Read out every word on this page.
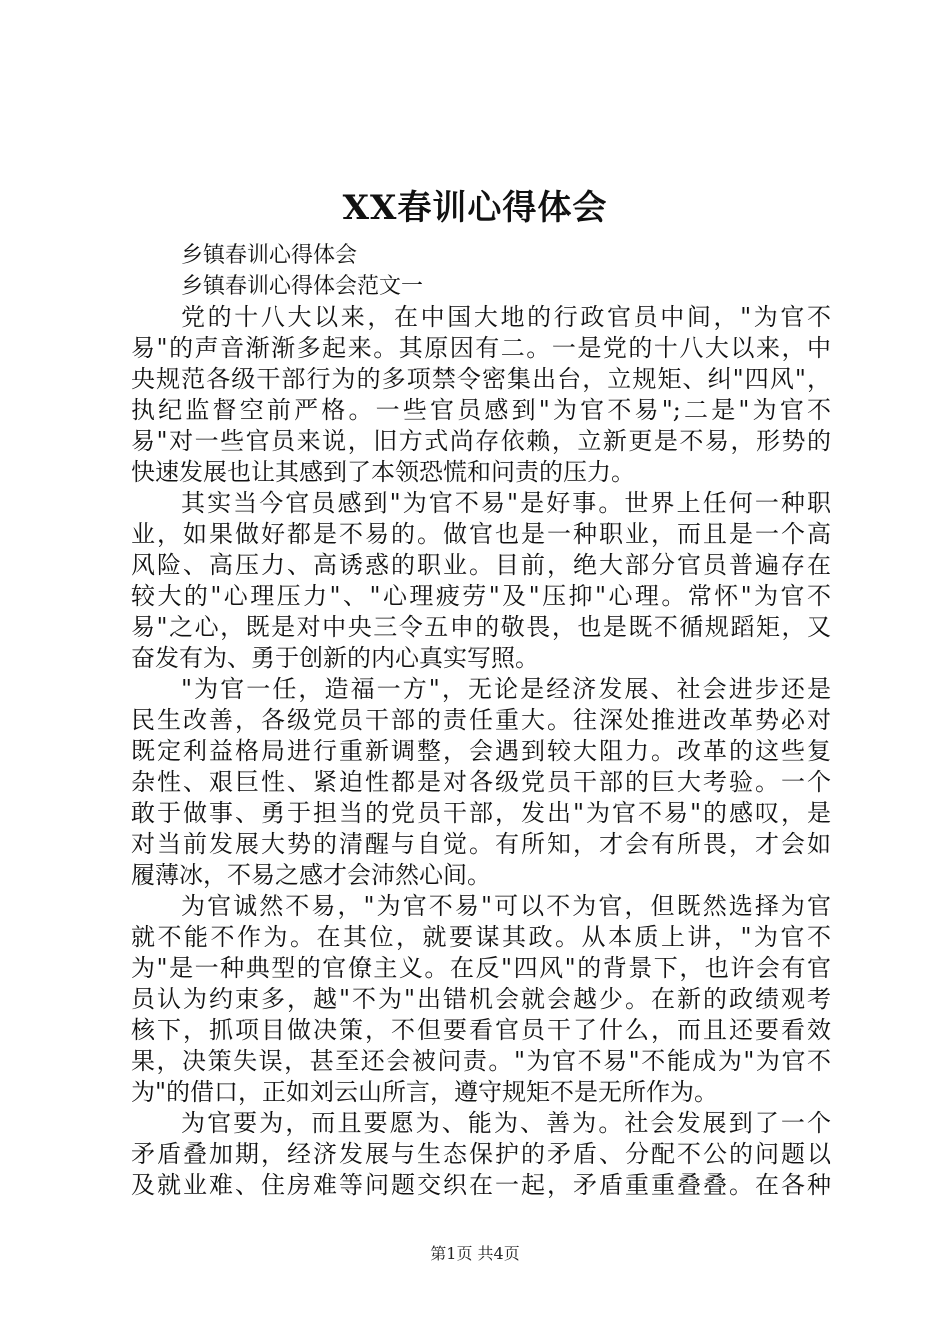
XX春训心得体会
乡镇春训心得体会
乡镇春训心得体会范文一
党的十八大以来，在中国大地的行政官员中间，"为官不
易"的声音渐渐多起来。其原因有二。一是党的十八大以来，中
央规范各级干部行为的多项禁令密集出台，立规矩、纠"四风"，
执纪监督空前严格。一些官员感到"为官不易";二是"为官不
易"对一些官员来说，旧方式尚存依赖，立新更是不易，形势的
快速发展也让其感到了本领恐慌和问责的压力。
其实当今官员感到"为官不易"是好事。世界上任何一种职
业，如果做好都是不易的。做官也是一种职业，而且是一个高
风险、高压力、高诱惑的职业。目前，绝大部分官员普遍存在
较大的"心理压力"、"心理疲劳"及"压抑"心理。常怀"为官不
易"之心，既是对中央三令五申的敬畏，也是既不循规蹈矩，又
奋发有为、勇于创新的内心真实写照。
"为官一任，造福一方"，无论是经济发展、社会进步还是
民生改善，各级党员干部的责任重大。往深处推进改革势必对
既定利益格局进行重新调整，会遇到较大阻力。改革的这些复
杂性、艰巨性、紧迫性都是对各级党员干部的巨大考验。一个
敢于做事、勇于担当的党员干部，发出"为官不易"的感叹，是
对当前发展大势的清醒与自觉。有所知，才会有所畏，才会如
履薄冰，不易之感才会沛然心间。
为官诚然不易，"为官不易"可以不为官，但既然选择为官
就不能不作为。在其位，就要谋其政。从本质上讲，"为官不
为"是一种典型的官僚主义。在反"四风"的背景下，也许会有官
员认为约束多，越"不为"出错机会就会越少。在新的政绩观考
核下，抓项目做决策，不但要看官员干了什么，而且还要看效
果，决策失误，甚至还会被问责。"为官不易"不能成为"为官不
为"的借口，正如刘云山所言，遵守规矩不是无所作为。
为官要为，而且要愿为、能为、善为。社会发展到了一个
矛盾叠加期，经济发展与生态保护的矛盾、分配不公的问题以
及就业难、住房难等问题交织在一起，矛盾重重叠叠。在各种
第1页 共4页
